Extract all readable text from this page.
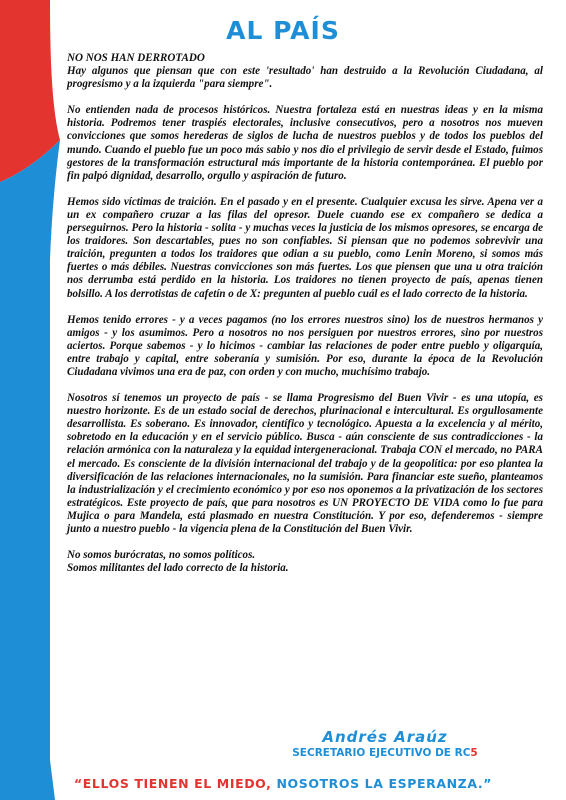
AL PAÍS

NO NOS HAN DERROTADO
Hay algunos que piensan que con este 'resultado' han destruido a la Revolución Ciudadana, al progresismo y a la izquierda "para siempre".

No entienden nada de procesos históricos. Nuestra fortaleza está en nuestras ideas y en la misma historia. Podremos tener traspiés electorales, inclusive consecutivos, pero a nosotros nos mueven convicciones que somos herederas de siglos de lucha de nuestros pueblos y de todos los pueblos del mundo. Cuando el pueblo fue un poco más sabio y nos dio el privilegio de servir desde el Estado, fuimos gestores de la transformación estructural más importante de la historia contemporánea. El pueblo por fin palpó dignidad, desarrollo, orgullo y aspiración de futuro.

Hemos sido víctimas de traición. En el pasado y en el presente. Cualquier excusa les sirve. Apena ver a un ex compañero cruzar a las filas del opresor. Duele cuando ese ex compañero se dedica a perseguirnos. Pero la historia - solita - y muchas veces la justicia de los mismos opresores, se encarga de los traidores. Son descartables, pues no son confiables. Si piensan que no podemos sobrevivir una traición, pregunten a todos los traidores que odian a su pueblo, como Lenin Moreno, si somos más fuertes o más débiles. Nuestras convicciones son más fuertes. Los que piensen que una u otra traición nos derrumba está perdido en la historia. Los traidores no tienen proyecto de país, apenas tienen bolsillo. A los derrotistas de cafetín o de X: pregunten al pueblo cuál es el lado correcto de la historia.

Hemos tenido errores - y a veces pagamos (no los errores nuestros sino) los de nuestros hermanos y amigos - y los asumimos. Pero a nosotros no nos persiguen por nuestros errores, sino por nuestros aciertos. Porque sabemos - y lo hicimos - cambiar las relaciones de poder entre pueblo y oligarquía, entre trabajo y capital, entre soberanía y sumisión. Por eso, durante la época de la Revolución Ciudadana vivimos una era de paz, con orden y con mucho, muchísimo trabajo.

Nosotros sí tenemos un proyecto de país - se llama Progresismo del Buen Vivir - es una utopía, es nuestro horizonte. Es de un estado social de derechos, plurinacional e intercultural. Es orgullosamente desarrollista. Es soberano. Es innovador, científico y tecnológico. Apuesta a la excelencia y al mérito, sobretodo en la educación y en el servicio público. Busca - aún consciente de sus contradicciones - la relación armónica con la naturaleza y la equidad intergeneracional. Trabaja CON el mercado, no PARA el mercado. Es consciente de la división internacional del trabajo y de la geopolítica: por eso plantea la diversificación de las relaciones internacionales, no la sumisión. Para financiar este sueño, planteamos la industrialización y el crecimiento económico y por eso nos oponemos a la privatización de los sectores estratégicos. Este proyecto de país, que para nosotros es UN PROYECTO DE VIDA como lo fue para Mujica o para Mandela, está plasmado en nuestra Constitución. Y por eso, defenderemos - siempre junto a nuestro pueblo - la vigencia plena de la Constitución del Buen Vivir.

No somos burócratas, no somos políticos.
Somos militantes del lado correcto de la historia.

Andrés Araúz
SECRETARIO EJECUTIVO DE RC5
“ELLOS TIENEN EL MIEDO, NOSOTROS LA ESPERANZA.”
